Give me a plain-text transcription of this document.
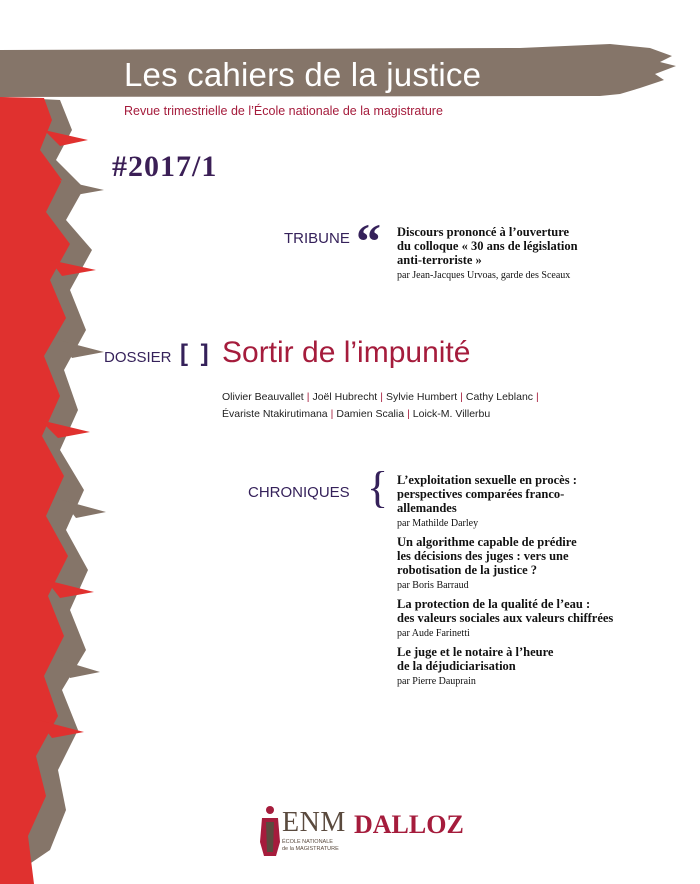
Les cahiers de la justice
Revue trimestrielle de l’École nationale de la magistrature
#2017/1
TRIBUNE “ Discours prononcé à l’ouverture
du colloque « 30 ans de législation
anti-terroriste »
par Jean-Jacques Urvoas, garde des Sceaux
DOSSIER [ ] Sortir de l’impunité
Olivier Beauvallet | Joël Hubrecht | Sylvie Humbert | Cathy Leblanc |
Évariste Ntakirutimana | Damien Scalia | Loick-M. Villerbu
CHRONIQUES { L’exploitation sexuelle en procès :
perspectives comparées franco-
allemandes
par Mathilde Darley
Un algorithme capable de prédire
les décisions des juges : vers une
robotisation de la justice ?
par Boris Barraud
La protection de la qualité de l’eau :
des valeurs sociales aux valeurs chiffrées
par Aude Farinetti
Le juge et le notaire à l’heure
de la déjudiciarisation
par Pierre Dauprain
ENM
ÉCOLE NATIONALE
de la MAGISTRATURE
DALLOZ
